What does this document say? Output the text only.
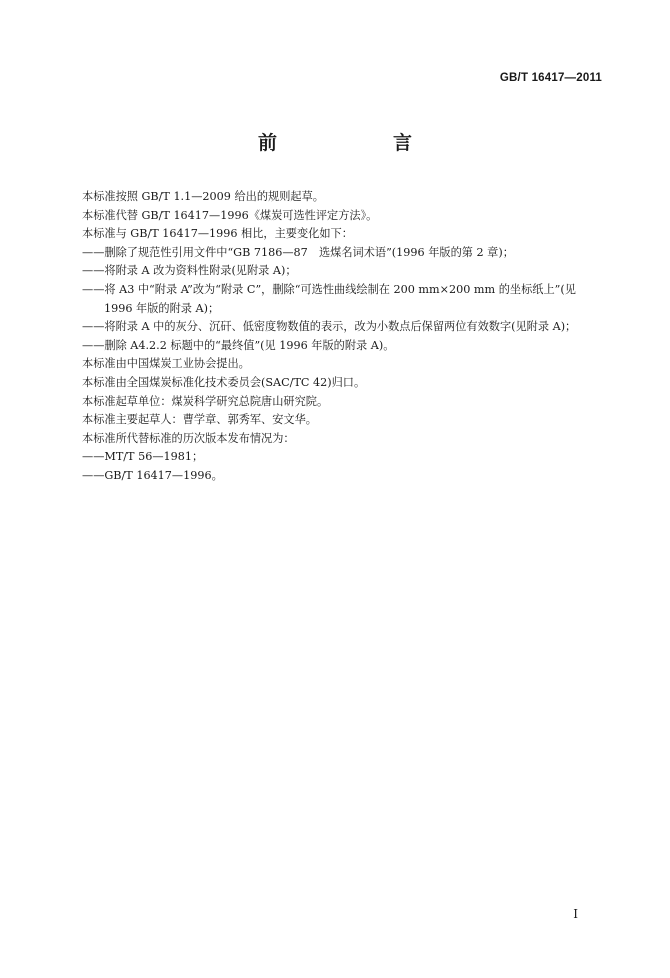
GB/T 16417—2011
前　　言

本标准按照 GB/T 1.1—2009 给出的规则起草。

本标准代替 GB/T 16417—1996《煤炭可选性评定方法》。

本标准与 GB/T 16417—1996 相比，主要变化如下：

——删除了规范性引用文件中“GB 7186—87　选煤名词术语”(1996 年版的第 2 章)；

——将附录 A 改为资料性附录(见附录 A)；

——将 A3 中“附录 A”改为“附录 C”，删除“可选性曲线绘制在 200 mm×200 mm 的坐标纸上”(见 1996 年版的附录 A)；

——将附录 A 中的灰分、沉矸、低密度物数值的表示，改为小数点后保留两位有效数字(见附录 A)；

——删除 A4.2.2 标题中的“最终值”(见 1996 年版的附录 A)。

本标准由中国煤炭工业协会提出。

本标准由全国煤炭标准化技术委员会(SAC/TC 42)归口。

本标准起草单位：煤炭科学研究总院唐山研究院。

本标准主要起草人：曹学章、郭秀军、安文华。

本标准所代替标准的历次版本发布情况为：

——MT/T 56—1981；

——GB/T 16417—1996。

I
